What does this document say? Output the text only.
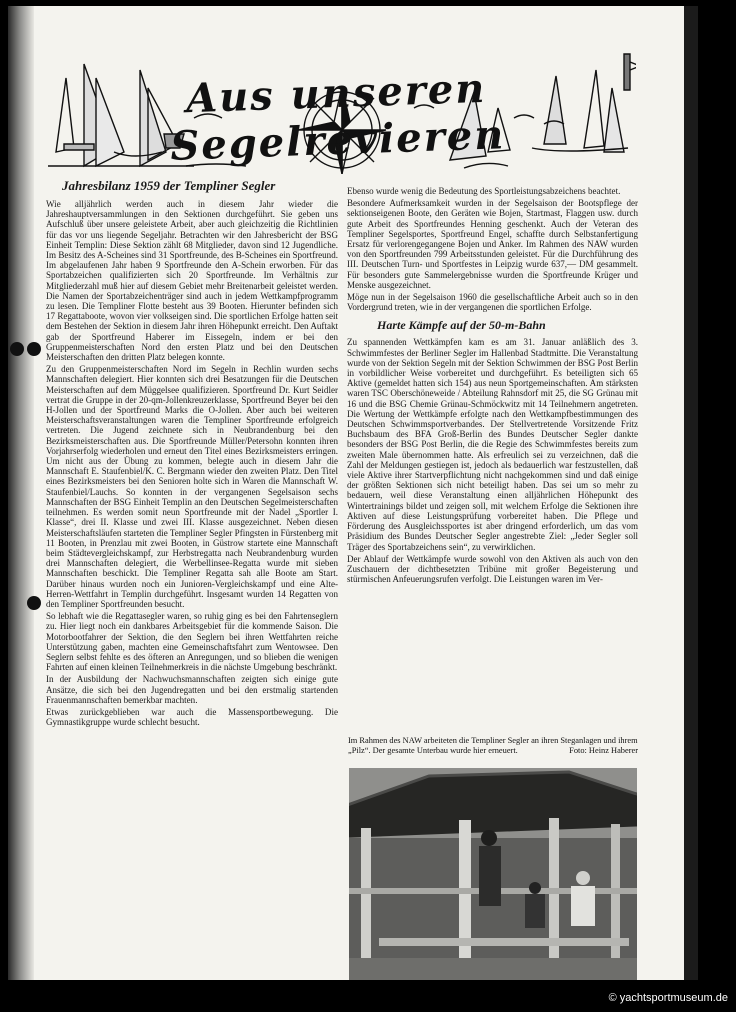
Aus unseren Segelrevieren
Jahresbilanz 1959 der Templiner Segler

Wie alljährlich werden auch in diesem Jahr wieder die Jahreshauptversammlungen in den Sektionen durchgeführt. Sie geben uns Aufschluß über unsere geleistete Arbeit, aber auch gleichzeitig die Richtlinien für das vor uns liegende Segeljahr. Betrachten wir den Jahresbericht der BSG Einheit Templin: Diese Sektion zählt 68 Mitglieder, davon sind 12 Jugendliche. Im Besitz des A-Scheines sind 31 Sportfreunde, des B-Scheines ein Sportfreund. Im abgelaufenen Jahr haben 9 Sportfreunde den A-Schein erworben. Für das Sportabzeichen qualifizierten sich 20 Sportfreunde. Im Verhältnis zur Mitgliederzahl muß hier auf diesem Gebiet mehr Breitenarbeit geleistet werden. Die Namen der Sportabzeichenträger sind auch in jedem Wettkampfprogramm zu lesen. Die Templiner Flotte besteht aus 39 Booten. Hierunter befinden sich 17 Regattaboote, wovon vier volkseigen sind. Die sportlichen Erfolge hatten seit dem Bestehen der Sektion in diesem Jahr ihren Höhepunkt erreicht. Den Auftakt gab der Sportfreund Haberer im Eissegeln, indem er bei den Gruppenmeisterschaften Nord den ersten Platz und bei den Deutschen Meisterschaften den dritten Platz belegen konnte.

Zu den Gruppenmeisterschaften Nord im Segeln in Rechlin wurden sechs Mannschaften delegiert. Hier konnten sich drei Besatzungen für die Deutschen Meisterschaften auf dem Müggelsee qualifizieren. Sportfreund Dr. Kurt Seidler vertrat die Gruppe in der 20-qm-Jollenkreuzerklasse, Sportfreund Beyer bei den H-Jollen und der Sportfreund Marks die O-Jollen. Aber auch bei weiteren Meisterschaftsveranstaltungen waren die Templiner Sportfreunde erfolgreich vertreten. Die Jugend zeichnete sich in Neubrandenburg bei den Bezirksmeisterschaften aus. Die Sportfreunde Müller/Petersohn konnten ihren Vorjahrserfolg wiederholen und erneut den Titel eines Bezirksmeisters erringen. Um nicht aus der Übung zu kommen, belegte auch in diesem Jahr die Mannschaft E. Staufenbiel/K. C. Bergmann wieder den zweiten Platz. Den Titel eines Bezirksmeisters bei den Senioren holte sich in Waren die Mannschaft W. Staufenbiel/Lauchs. So konnten in der vergangenen Segelsaison sechs Mannschaften der BSG Einheit Templin an den Deutschen Segelmeisterschaften teilnehmen. Es werden somit neun Sportfreunde mit der Nadel „Sportler I. Klasse“, drei II. Klasse und zwei III. Klasse ausgezeichnet. Neben diesen Meisterschaftsläufen starteten die Templiner Segler Pfingsten in Fürstenberg mit 11 Booten, in Prenzlau mit zwei Booten, in Güstrow startete eine Mannschaft beim Städtevergleichskampf, zur Herbstregatta nach Neubrandenburg wurden drei Mannschaften delegiert, die Werbellinsee-Regatta wurde mit sieben Mannschaften beschickt. Die Templiner Regatta sah alle Boote am Start. Darüber hinaus wurden noch ein Junioren-Vergleichskampf und eine Alte-Herren-Wettfahrt in Templin durchgeführt. Insgesamt wurden 14 Regatten von den Templiner Sportfreunden besucht.

So lebhaft wie die Regattasegler waren, so ruhig ging es bei den Fahrtenseglern zu. Hier liegt noch ein dankbares Arbeitsgebiet für die kommende Saison. Die Motorbootfahrer der Sektion, die den Seglern bei ihren Wettfahrten reiche Unterstützung gaben, machten eine Gemeinschaftsfahrt zum Wentowsee. Den Seglern selbst fehlte es des öfteren an Anregungen, und so blieben die wenigen Fahrten auf einen kleinen Teilnehmerkreis in die nächste Umgebung beschränkt.

In der Ausbildung der Nachwuchsmannschaften zeigten sich einige gute Ansätze, die sich bei den Jugendregatten und bei den erstmalig startenden Frauenmannschaften bemerkbar machten.

Etwas zurückgeblieben war auch die Massensportbewegung. Die Gymnastikgruppe wurde schlecht besucht.

Ebenso wurde wenig die Bedeutung des Sportleistungsabzeichens beachtet.

Besondere Aufmerksamkeit wurden in der Segelsaison der Bootspflege der sektionseigenen Boote, den Geräten wie Bojen, Startmast, Flaggen usw. durch gute Arbeit des Sportfreundes Henning geschenkt. Auch der Veteran des Templiner Segelsportes, Sportfreund Engel, schaffte durch Selbstanfertigung Ersatz für verlorengegangene Bojen und Anker. Im Rahmen des NAW wurden von den Sportfreunden 799 Arbeitsstunden geleistet. Für die Durchführung des III. Deutschen Turn- und Sportfestes in Leipzig wurde 637,— DM gesammelt. Für besonders gute Sammelergebnisse wurden die Sportfreunde Krüger und Menske ausgezeichnet.

Möge nun in der Segelsaison 1960 die gesellschaftliche Arbeit auch so in den Vordergrund treten, wie in der vergangenen die sportlichen Erfolge.

Harte Kämpfe auf der 50-m-Bahn

Zu spannenden Wettkämpfen kam es am 31. Januar anläßlich des 3. Schwimmfestes der Berliner Segler im Hallenbad Stadtmitte. Die Veranstaltung wurde von der Sektion Segeln mit der Sektion Schwimmen der BSG Post Berlin in vorbildlicher Weise vorbereitet und durchgeführt. Es beteiligten sich 65 Aktive (gemeldet hatten sich 154) aus neun Sportgemeinschaften. Am stärksten waren TSC Oberschöneweide / Abteilung Rahnsdorf mit 25, die SG Grünau mit 16 und die BSG Chemie Grünau-Schmöckwitz mit 14 Teilnehmern angetreten. Die Wertung der Wettkämpfe erfolgte nach den Wettkampfbestimmungen des Deutschen Schwimmsportverbandes. Der Stellvertretende Vorsitzende Fritz Buchsbaum des BFA Groß-Berlin des Bundes Deutscher Segler dankte besonders der BSG Post Berlin, die die Regie des Schwimmfestes bereits zum zweiten Male übernommen hatte. Als erfreulich sei zu verzeichnen, daß die Zahl der Meldungen gestiegen ist, jedoch als bedauerlich war festzustellen, daß viele Aktive ihrer Startverpflichtung nicht nachgekommen sind und daß einige der größten Sektionen sich nicht beteiligt haben. Das sei um so mehr zu bedauern, weil diese Veranstaltung einen alljährlichen Höhepunkt des Wintertrainings bildet und zeigen soll, mit welchem Erfolge die Sektionen ihre Aktiven auf diese Leistungsprüfung vorbereitet haben. Die Pflege und Förderung des Ausgleichssportes ist aber dringend erforderlich, um das vom Präsidium des Bundes Deutscher Segler angestrebte Ziel: „Jeder Segler soll Träger des Sportabzeichens sein“, zu verwirklichen.

Der Ablauf der Wettkämpfe wurde sowohl von den Aktiven als auch von den Zuschauern der dichtbesetzten Tribüne mit großer Begeisterung und stürmischen Anfeuerungsrufen verfolgt. Die Leistungen waren im Ver-

Im Rahmen des NAW arbeiteten die Templiner Segler an ihren Steganlagen und ihrem „Pilz“. Der gesamte Unterbau wurde hier erneuert.	Foto: Heinz Haberer
© yachtsportmuseum.de
